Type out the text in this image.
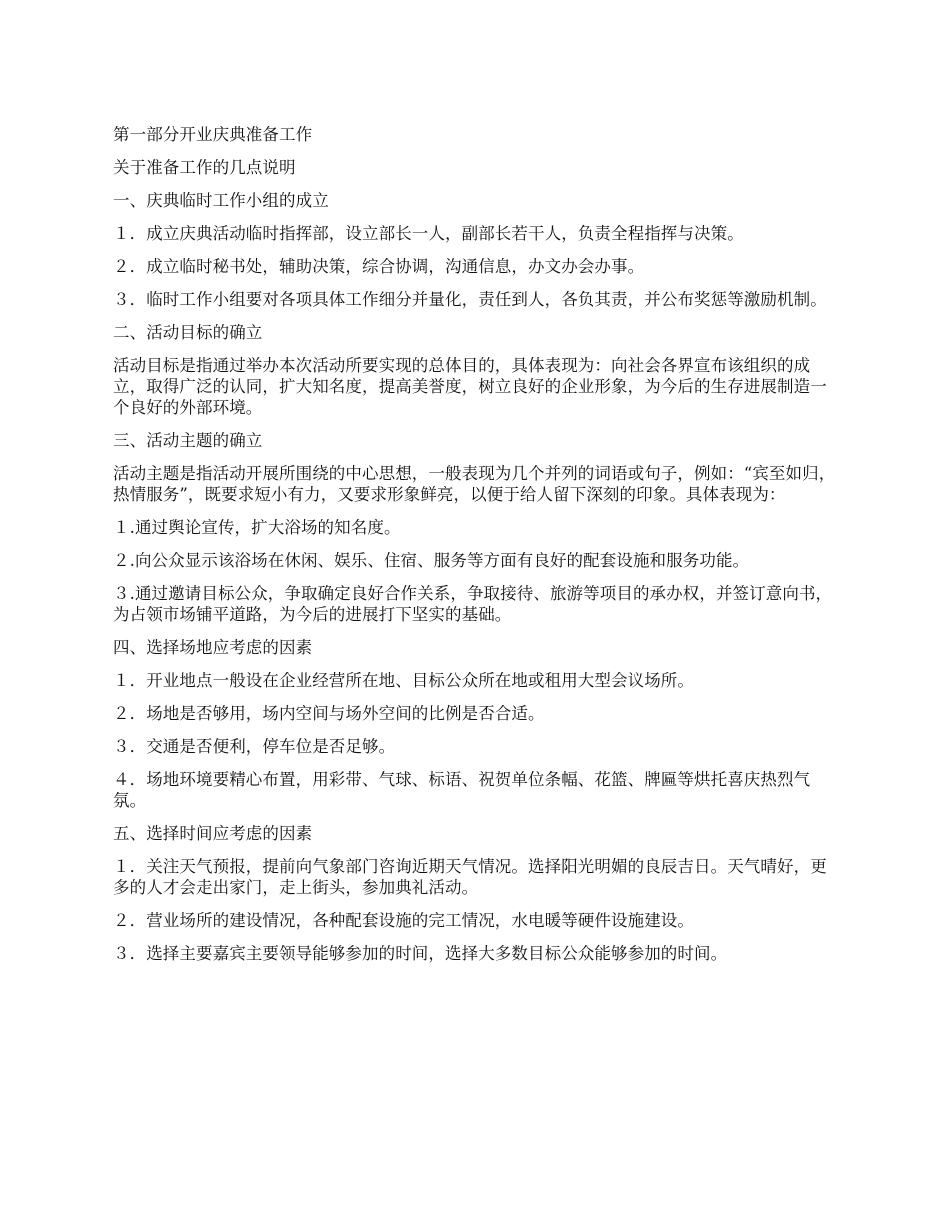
第一部分开业庆典准备工作

关于准备工作的几点说明

一、庆典临时工作小组的成立

１．成立庆典活动临时指挥部，设立部长一人，副部长若干人，负责全程指挥与决策。

２．成立临时秘书处，辅助决策，综合协调，沟通信息，办文办会办事。

３．临时工作小组要对各项具体工作细分并量化，责任到人，各负其责，并公布奖惩等激励机制。

二、活动目标的确立

活动目标是指通过举办本次活动所要实现的总体目的，具体表现为：向社会各界宣布该组织的成立，取得广泛的认同，扩大知名度，提高美誉度，树立良好的企业形象，为今后的生存进展制造一个良好的外部环境。

三、活动主题的确立

活动主题是指活动开展所围绕的中心思想，一般表现为几个并列的词语或句子，例如：“宾至如归，热情服务”，既要求短小有力，又要求形象鲜亮，以便于给人留下深刻的印象。具体表现为：

１.通过舆论宣传，扩大浴场的知名度。

２.向公众显示该浴场在休闲、娱乐、住宿、服务等方面有良好的配套设施和服务功能。

３.通过邀请目标公众，争取确定良好合作关系，争取接待、旅游等项目的承办权，并签订意向书，为占领市场铺平道路，为今后的进展打下坚实的基础。

四、选择场地应考虑的因素

１．开业地点一般设在企业经营所在地、目标公众所在地或租用大型会议场所。

２．场地是否够用，场内空间与场外空间的比例是否合适。

３．交通是否便利，停车位是否足够。

４．场地环境要精心布置，用彩带、气球、标语、祝贺单位条幅、花篮、牌匾等烘托喜庆热烈气氛。

五、选择时间应考虑的因素

１．关注天气预报，提前向气象部门咨询近期天气情况。选择阳光明媚的良辰吉日。天气晴好，更多的人才会走出家门，走上街头，参加典礼活动。

２．营业场所的建设情况，各种配套设施的完工情况，水电暖等硬件设施建设。

３．选择主要嘉宾主要领导能够参加的时间，选择大多数目标公众能够参加的时间。
